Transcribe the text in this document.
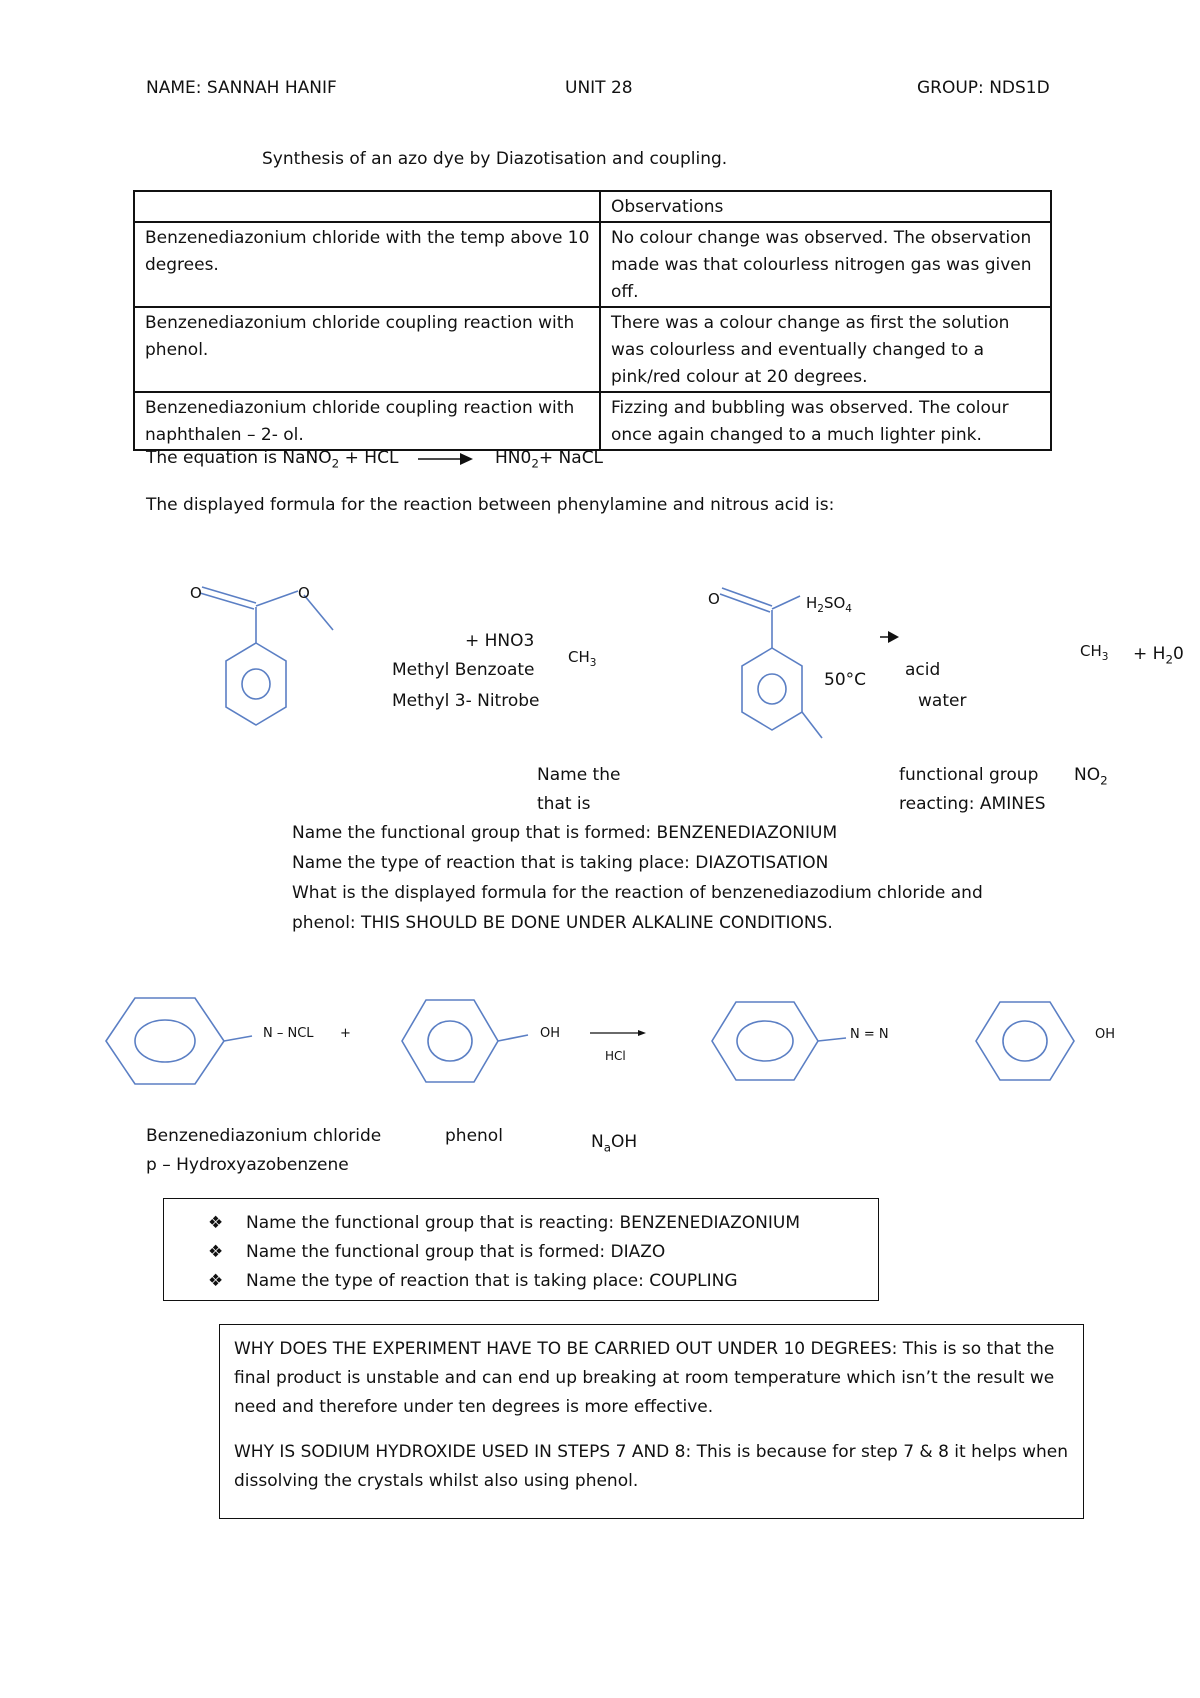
NAME: SANNAH HANIF	UNIT 28	GROUP: NDS1D
Synthesis of an azo dye by Diazotisation and coupling.
	Observations
Benzenediazonium chloride with the temp above 10 degrees.	No colour change was observed. The observation made was that colourless nitrogen gas was given off.
Benzenediazonium chloride coupling reaction with phenol.	There was a colour change as first the solution was colourless and eventually changed to a pink/red colour at 20 degrees.
Benzenediazonium chloride coupling reaction with naphthalen – 2- ol.	Fizzing and bubbling was observed. The colour once again changed to a much lighter pink.
The equation is NaNO$_2$ + HCL → $HN0_2+$ NaCL
The displayed formula for the reaction between phenylamine and nitrous acid is:
O	O
+ HNO3
Methyl Benzoate
$CH_3$
Methyl 3- Nitrobe
O	$H_2SO_4$
50°C acid
water
$CH_3 + H_20$
Name the
that is
functional group
reacting: AMINES
$NO_2$
Name the functional group that is formed: BENZENEDIAZONIUM
Name the type of reaction that is taking place: DIAZOTISATION
What is the displayed formula for the reaction of benzenediazodium chloride and
phenol: THIS SHOULD BE DONE UNDER ALKALINE CONDITIONS.
N – NCL +	OH
HCl
N = N	OH
Benzenediazonium chloride	phenol	$N_aOH$
p – Hydroxyazobenzene
❖ Name the functional group that is reacting: BENZENEDIAZONIUM
❖ Name the functional group that is formed: DIAZO
❖ Name the type of reaction that is taking place: COUPLING

WHY DOES THE EXPERIMENT HAVE TO BE CARRIED OUT UNDER 10 DEGREES: This is so that the final product is unstable and can end up breaking at room temperature which isn’t the result we need and therefore under ten degrees is more effective.

WHY IS SODIUM HYDROXIDE USED IN STEPS 7 AND 8: This is because for step 7 & 8 it helps when dissolving the crystals whilst also using phenol.
